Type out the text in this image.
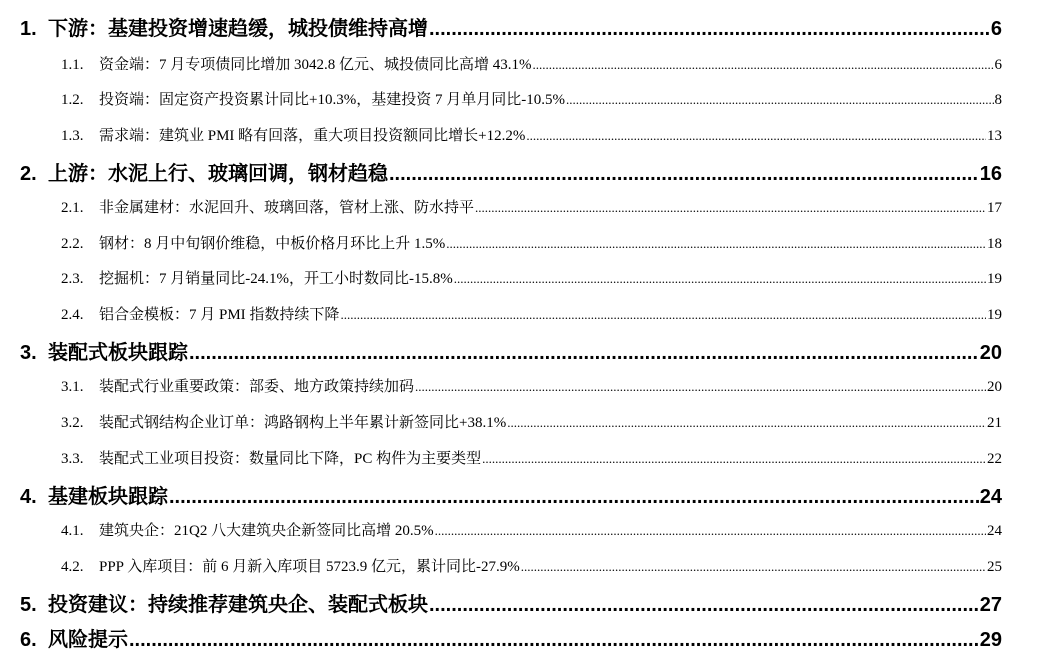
1. 下游：基建投资增速趋缓，城投债维持高增 .....	6
1.1.	资金端：7 月专项债同比增加 3042.8 亿元、城投债同比高增 43.1% .....	6
1.2.	投资端：固定资产投资累计同比+10.3%，基建投资 7 月单月同比-10.5% .....	8
1.3.	需求端：建筑业 PMI 略有回落，重大项目投资额同比增长+12.2% .....	13
2. 上游：水泥上行、玻璃回调，钢材趋稳 .....	16
2.1.	非金属建材：水泥回升、玻璃回落，管材上涨、防水持平 .....	17
2.2.	钢材：8 月中旬钢价维稳，中板价格月环比上升 1.5% .....	18
2.3.	挖掘机：7 月销量同比-24.1%，开工小时数同比-15.8% .....	19
2.4.	铝合金模板：7 月 PMI 指数持续下降 .....	19
3. 装配式板块跟踪 .....	20
3.1.	装配式行业重要政策：部委、地方政策持续加码 .....	20
3.2.	装配式钢结构企业订单：鸿路钢构上半年累计新签同比+38.1% .....	21
3.3.	装配式工业项目投资：数量同比下降，PC 构件为主要类型 .....	22
4. 基建板块跟踪 .....	24
4.1.	建筑央企：21Q2 八大建筑央企新签同比高增 20.5% .....	24
4.2.	PPP 入库项目：前 6 月新入库项目 5723.9 亿元，累计同比-27.9% .....	25
5. 投资建议：持续推荐建筑央企、装配式板块 .....	27
6. 风险提示 .....	29
